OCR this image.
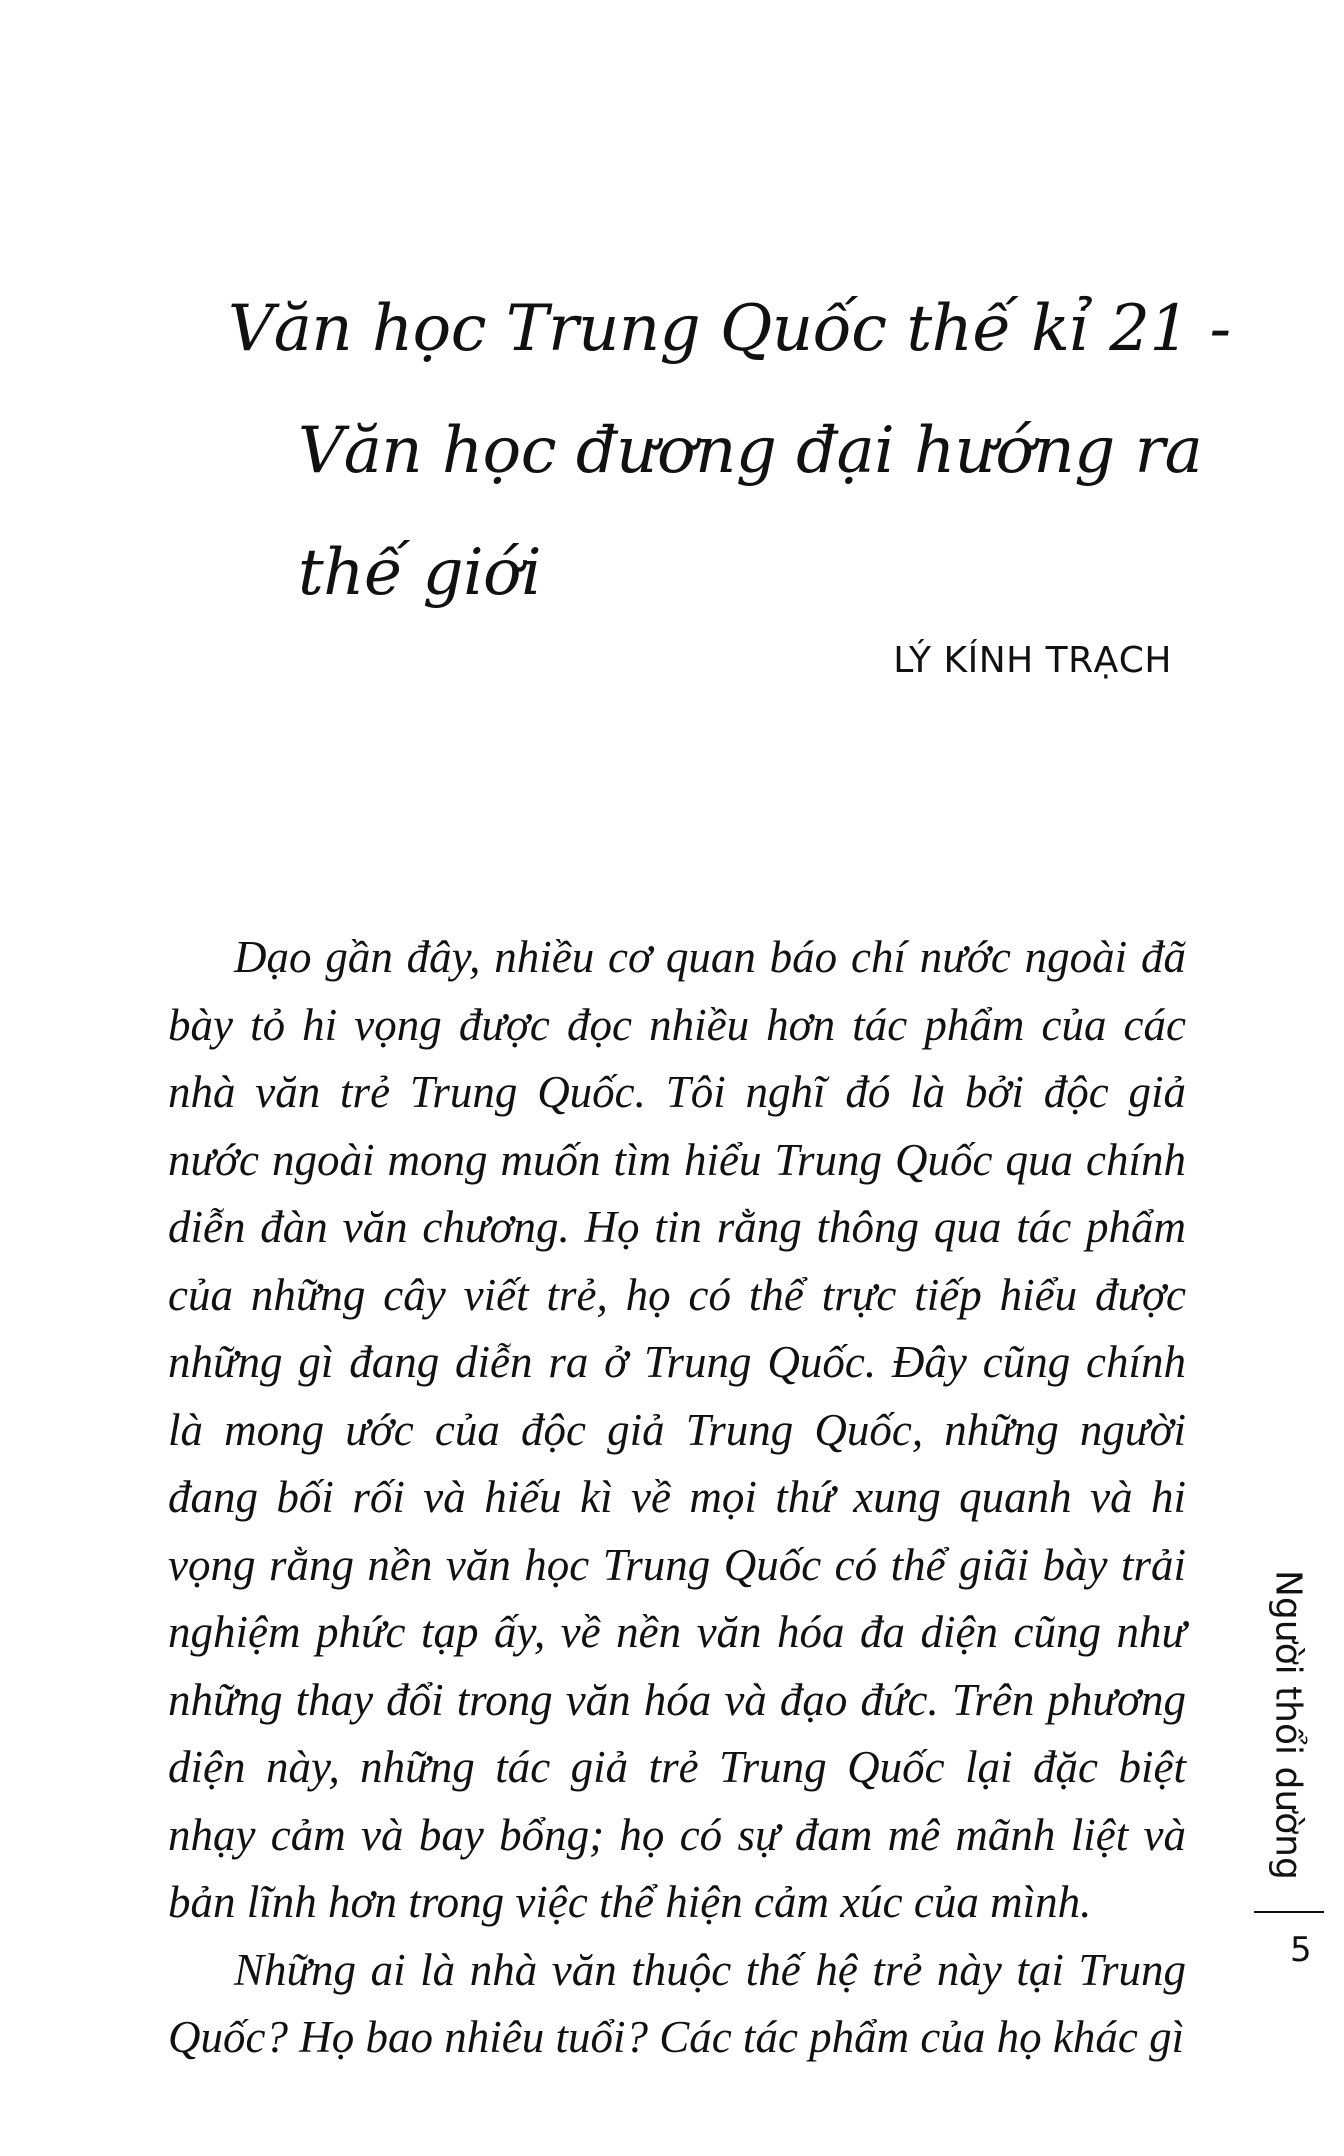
Văn học Trung Quốc thế kỉ 21 -
Văn học đương đại hướng ra
thế giới
LÝ KÍNH TRẠCH

Dạo gần đây, nhiều cơ quan báo chí nước ngoài đã bày tỏ hi vọng được đọc nhiều hơn tác phẩm của các nhà văn trẻ Trung Quốc. Tôi nghĩ đó là bởi độc giả nước ngoài mong muốn tìm hiểu Trung Quốc qua chính diễn đàn văn chương. Họ tin rằng thông qua tác phẩm của những cây viết trẻ, họ có thể trực tiếp hiểu được những gì đang diễn ra ở Trung Quốc. Đây cũng chính là mong ước của độc giả Trung Quốc, những người đang bối rối và hiếu kì về mọi thứ xung quanh và hi vọng rằng nền văn học Trung Quốc có thể giãi bày trải nghiệm phức tạp ấy, về nền văn hóa đa diện cũng như những thay đổi trong văn hóa và đạo đức. Trên phương diện này, những tác giả trẻ Trung Quốc lại đặc biệt nhạy cảm và bay bổng; họ có sự đam mê mãnh liệt và bản lĩnh hơn trong việc thể hiện cảm xúc của mình.

Những ai là nhà văn thuộc thế hệ trẻ này tại Trung Quốc? Họ bao nhiêu tuổi? Các tác phẩm của họ khác gì

Người thổi dường
5
